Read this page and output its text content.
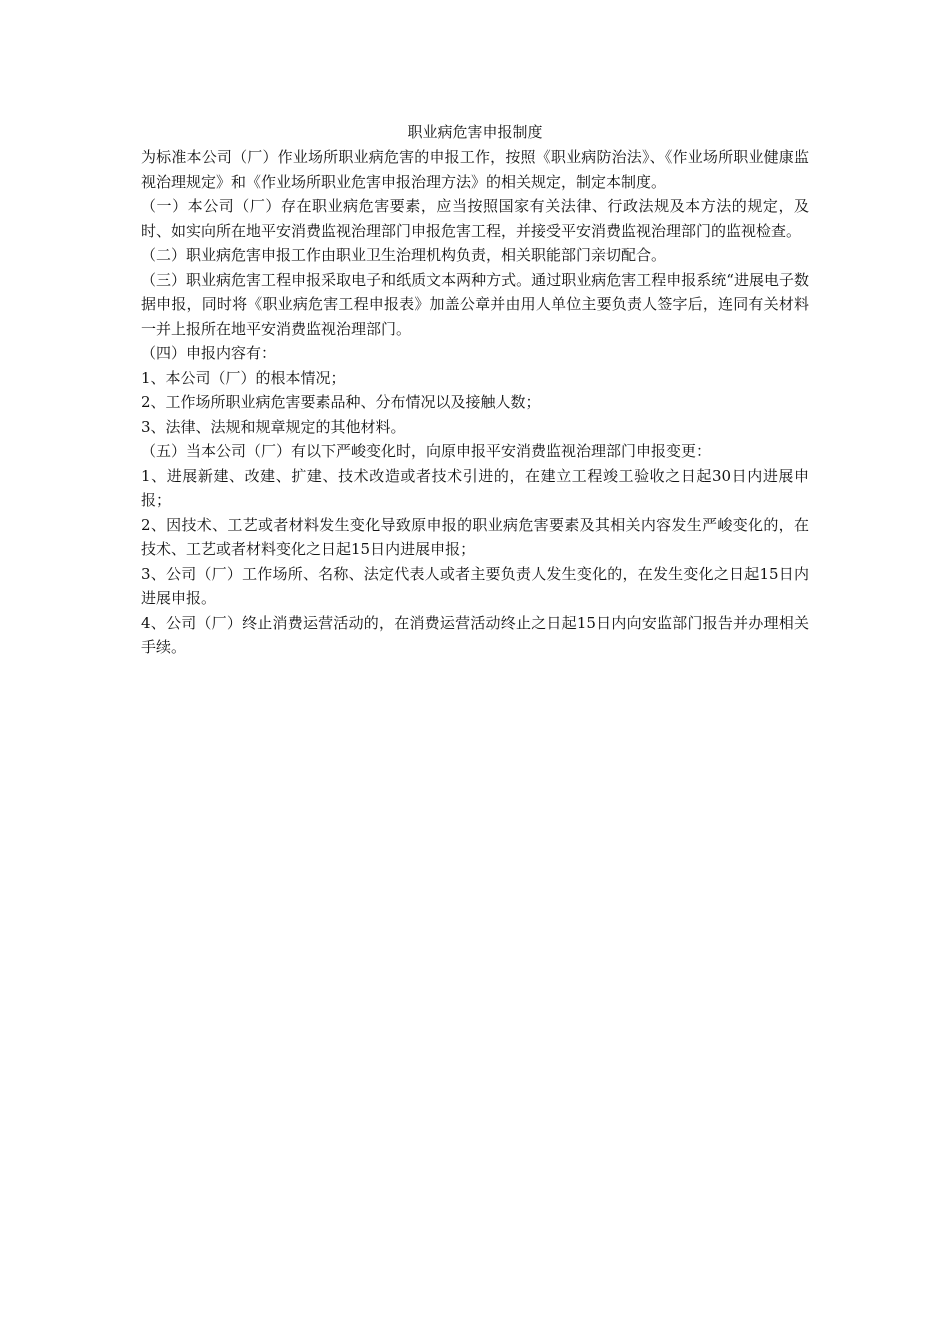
职业病危害申报制度

为标准本公司（厂）作业场所职业病危害的申报工作，按照《职业病防治法》、《作业场所职业健康监视治理规定》和《作业场所职业危害申报治理方法》的相关规定，制定本制度。

（一）本公司（厂）存在职业病危害要素，应当按照国家有关法律、行政法规及本方法的规定，及时、如实向所在地平安消费监视治理部门申报危害工程，并接受平安消费监视治理部门的监视检查。

（二）职业病危害申报工作由职业卫生治理机构负责，相关职能部门亲切配合。

（三）职业病危害工程申报采取电子和纸质文本两种方式。通过职业病危害工程申报系统“进展电子数据申报，同时将《职业病危害工程申报表》加盖公章并由用人单位主要负责人签字后，连同有关材料一并上报所在地平安消费监视治理部门。

（四）申报内容有：

1、本公司（厂）的根本情况；

2、工作场所职业病危害要素品种、分布情况以及接触人数；

3、法律、法规和规章规定的其他材料。

（五）当本公司（厂）有以下严峻变化时，向原申报平安消费监视治理部门申报变更：

1、进展新建、改建、扩建、技术改造或者技术引进的，在建立工程竣工验收之日起30日内进展申报；

2、因技术、工艺或者材料发生变化导致原申报的职业病危害要素及其相关内容发生严峻变化的，在技术、工艺或者材料变化之日起15日内进展申报；

3、公司（厂）工作场所、名称、法定代表人或者主要负责人发生变化的，在发生变化之日起15日内进展申报。

4、公司（厂）终止消费运营活动的，在消费运营活动终止之日起15日内向安监部门报告并办理相关手续。
